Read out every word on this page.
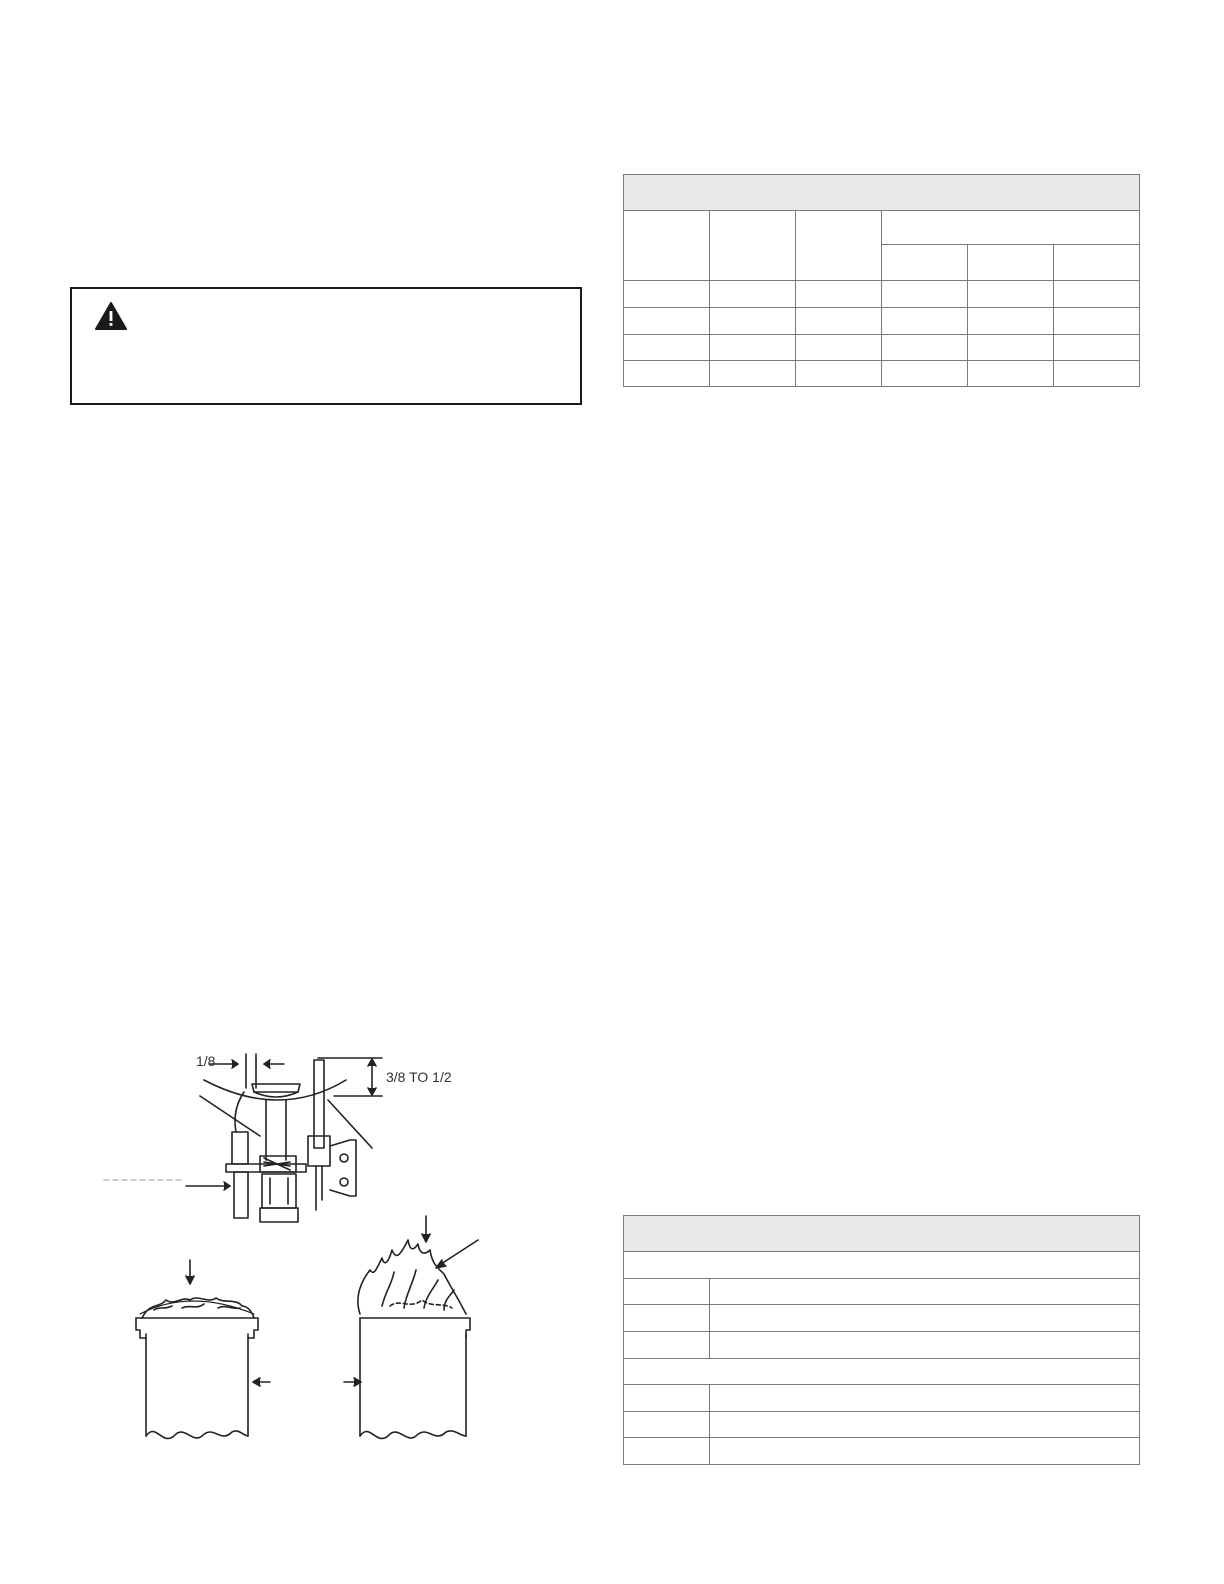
1/8
3/8 TO 1/2
